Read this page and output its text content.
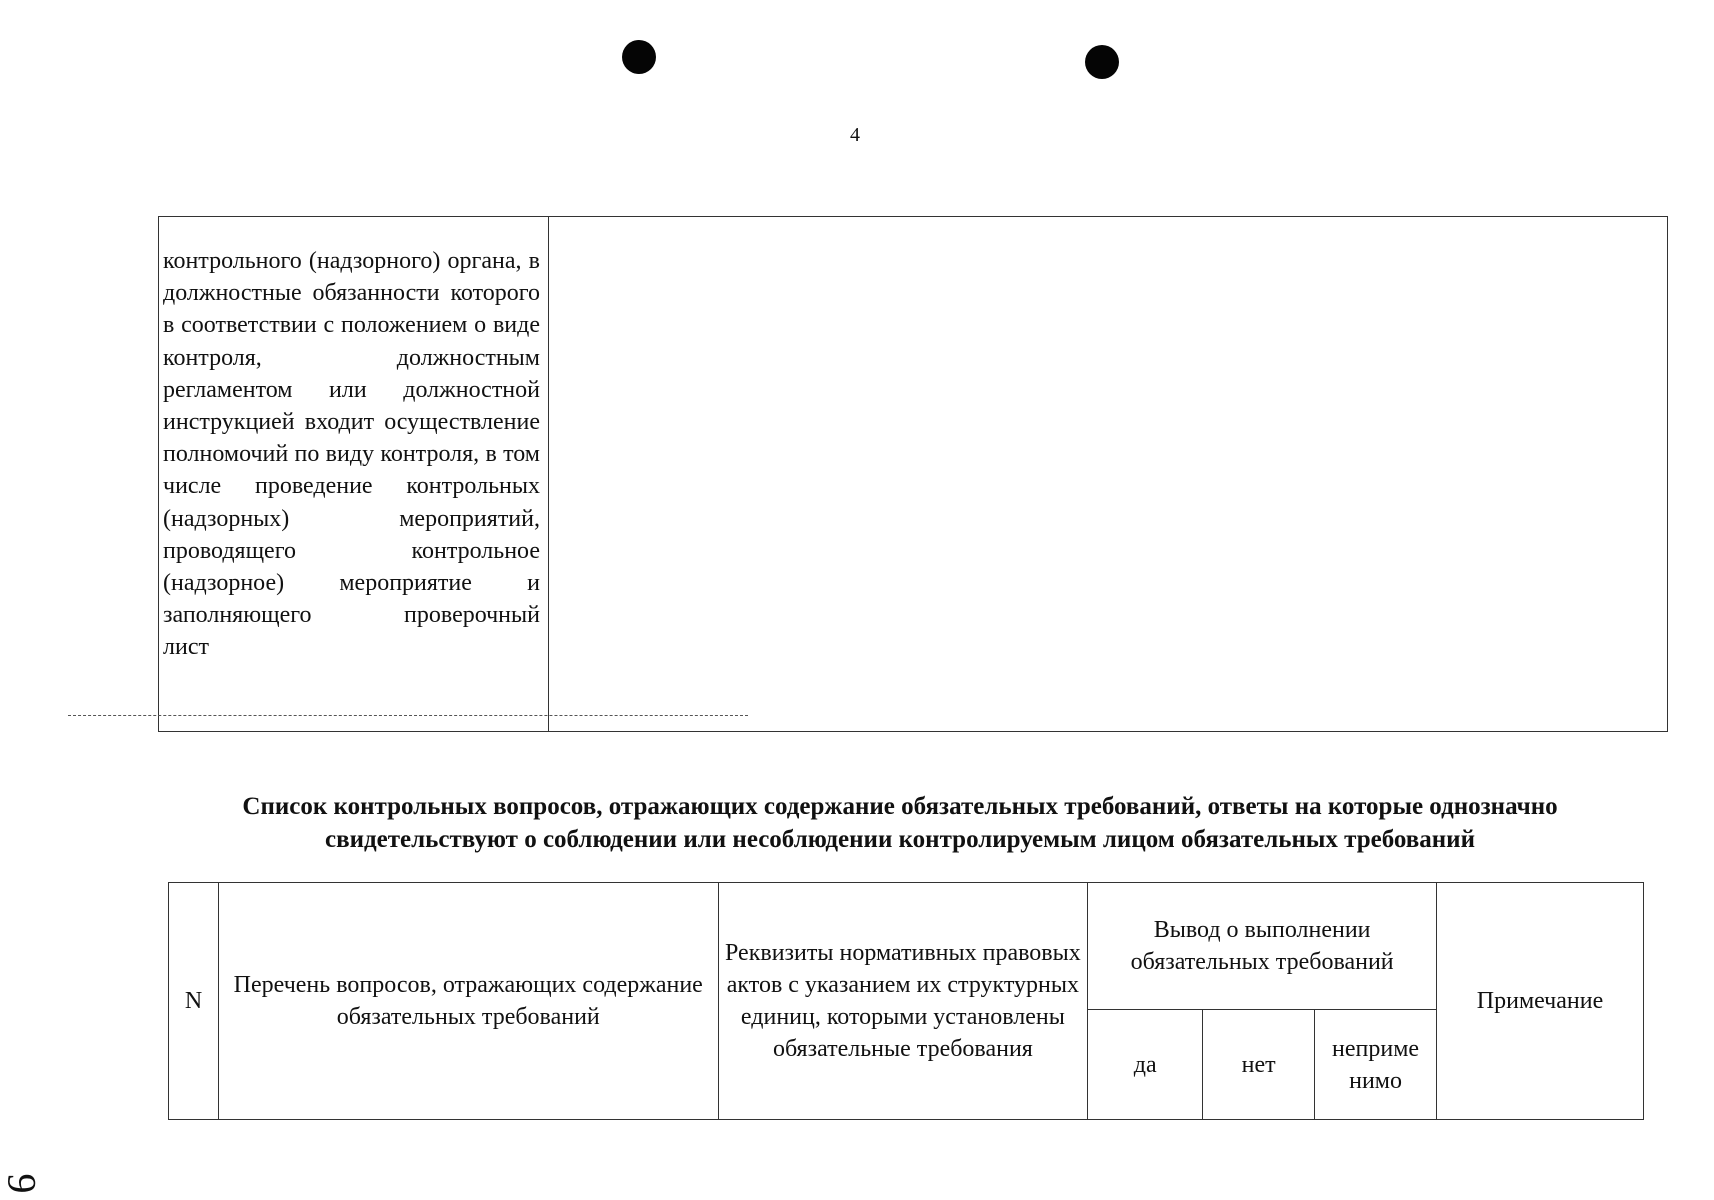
4
контрольного (надзорного) органа, в должностные обязанности которого в соответствии с положением о виде контроля, должностным регламентом или должностной инструкцией входит осуществление полномочий по виду контроля, в том числе проведение контрольных (надзорных) мероприятий, проводящего контрольное (надзорное) мероприятие и заполняющего проверочный
лист
Список контрольных вопросов, отражающих содержание обязательных требований, ответы на которые однозначно свидетельствуют о соблюдении или несоблюдении контролируемым лицом обязательных требований
N	Перечень вопросов, отражающих содержание обязательных требований	Реквизиты нормативных правовых актов с указанием их структурных единиц, которыми установлены обязательные требования	Вывод о выполнении обязательных требований			Примечание
			да	нет	неприме нимо	
9
